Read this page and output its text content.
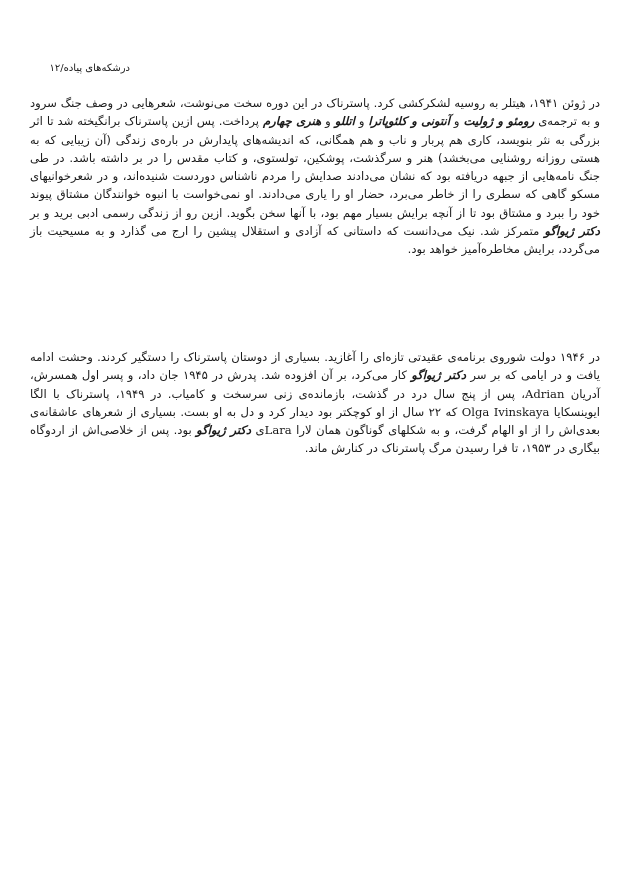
درشکه‌های پیاده/۱۲

در ژوئن ۱۹۴۱، هیتلر به روسیه لشکرکشی کرد. پاسترناک در این دوره سخت می‌نوشت، شعرهایی در وصف جنگ سرود و به ترجمه‌ی رومئو و ژولیت و آنتونی و کلئوپاترا و اتللو و هنری چهارم پرداخت. پس ازین پاسترناک برانگیخته شد تا اثر بزرگی به نثر بنویسد، کاری هم پربار و ناب و هم همگانی، که اندیشه‌های پایدارش در باره‌ی زندگی (آن زیبایی که به هستی روزانه روشنایی می‌بخشد) هنر و سرگذشت، پوشکین، تولستوی، و کتاب مقدس را در بر داشته باشد. در طی جنگ نامه‌هایی از جبهه دریافته بود که نشان می‌دادند صدایش را مردم ناشناس دوردست شنیده‌اند، و در شعرخوانیهای مسکو گاهی که سطری را از خاطر می‌برد، حضار او را یاری می‌دادند. او نمی‌خواست با انبوه خوانندگان مشتاق پیوند خود را ببرد و مشتاق بود تا از آنچه برایش بسیار مهم بود، با آنها سخن بگوید. ازین رو از زندگی رسمی ادبی برید و بر دکتر ژیواگو متمرکز شد. نیک می‌دانست که داستانی که آزادی و استقلال پیشین را ارج می گذارد و به مسیحیت باز می‌گردد، برایش مخاطره‌آمیز خواهد بود.

در ۱۹۴۶ دولت شوروی برنامه‌ی عقیدتی تازه‌ای را آغازید. بسیاری از دوستان پاسترناک را دستگیر کردند. وحشت ادامه یافت و در ایامی که بر سر دکتر ژیواگو کار می‌کرد، بر آن افزوده شد. پدرش در ۱۹۴۵ جان داد، و پسر اول همسرش، آدریان Adrian، پس از پنج سال درد در گذشت، بازمانده‌ی زنی سرسخت و کامیاب. در ۱۹۴۹، پاسترناک با الگا ایوینسکایا Olga Ivinskaya که ۲۲ سال از او کوچکتر بود دیدار کرد و دل به او بست. بسیاری از شعرهای عاشقانه‌ی بعدی‌اش را از او الهام گرفت، و به شکلهای گوناگون همان لارا Laraی دکتر ژیواگو بود. پس از خلاصی‌اش از اردوگاه بیگاری در ۱۹۵۳، تا فرا رسیدن مرگ پاسترناک در کنارش ماند.
